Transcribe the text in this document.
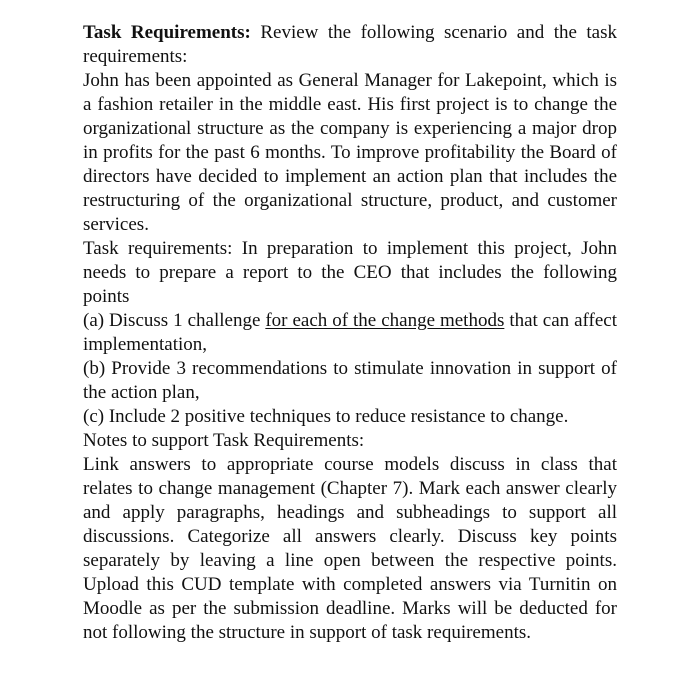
Task Requirements: Review the following scenario and the task requirements:

John has been appointed as General Manager for Lakepoint, which is a fashion retailer in the middle east. His first project is to change the organizational structure as the company is experiencing a major drop in profits for the past 6 months. To improve profitability the Board of directors have decided to implement an action plan that includes the restructuring of the organizational structure, product, and customer services.

Task requirements: In preparation to implement this project, John needs to prepare a report to the CEO that includes the following points

(a) Discuss 1 challenge for each of the change methods that can affect implementation,

(b) Provide 3 recommendations to stimulate innovation in support of the action plan,

(c) Include 2 positive techniques to reduce resistance to change.

Notes to support Task Requirements:

Link answers to appropriate course models discuss in class that relates to change management (Chapter 7). Mark each answer clearly and apply paragraphs, headings and subheadings to support all discussions. Categorize all answers clearly. Discuss key points separately by leaving a line open between the respective points. Upload this CUD template with completed answers via Turnitin on Moodle as per the submission deadline. Marks will be deducted for not following the structure in support of task requirements.
